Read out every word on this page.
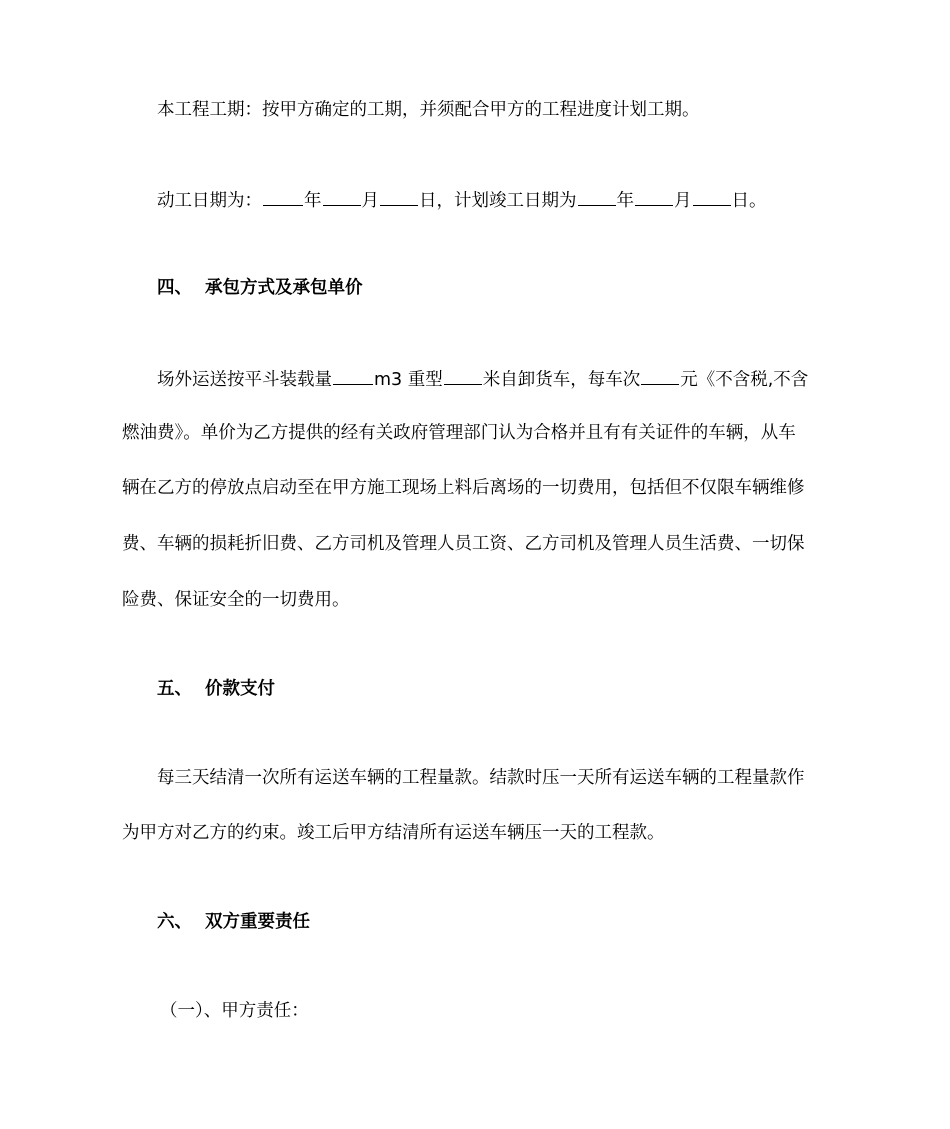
本工程工期：按甲方确定的工期，并须配合甲方的工程进度计划工期。
动工日期为： 年 月 日，计划竣工日期为 年 月 日。
四、 承包方式及承包单价
场外运送按平斗装载量 m3 重型 米自卸货车，每车次 元《不含税,不含
燃油费》。单价为乙方提供的经有关政府管理部门认为合格并且有有关证件的车辆，从车
辆在乙方的停放点启动至在甲方施工现场上料后离场的一切费用，包括但不仅限车辆维修
费、车辆的损耗折旧费、乙方司机及管理人员工资、乙方司机及管理人员生活费、一切保
险费、保证安全的一切费用。
五、 价款支付
每三天结清一次所有运送车辆的工程量款。结款时压一天所有运送车辆的工程量款作
为甲方对乙方的约束。竣工后甲方结清所有运送车辆压一天的工程款。
六、 双方重要责任
（一）、甲方责任：
